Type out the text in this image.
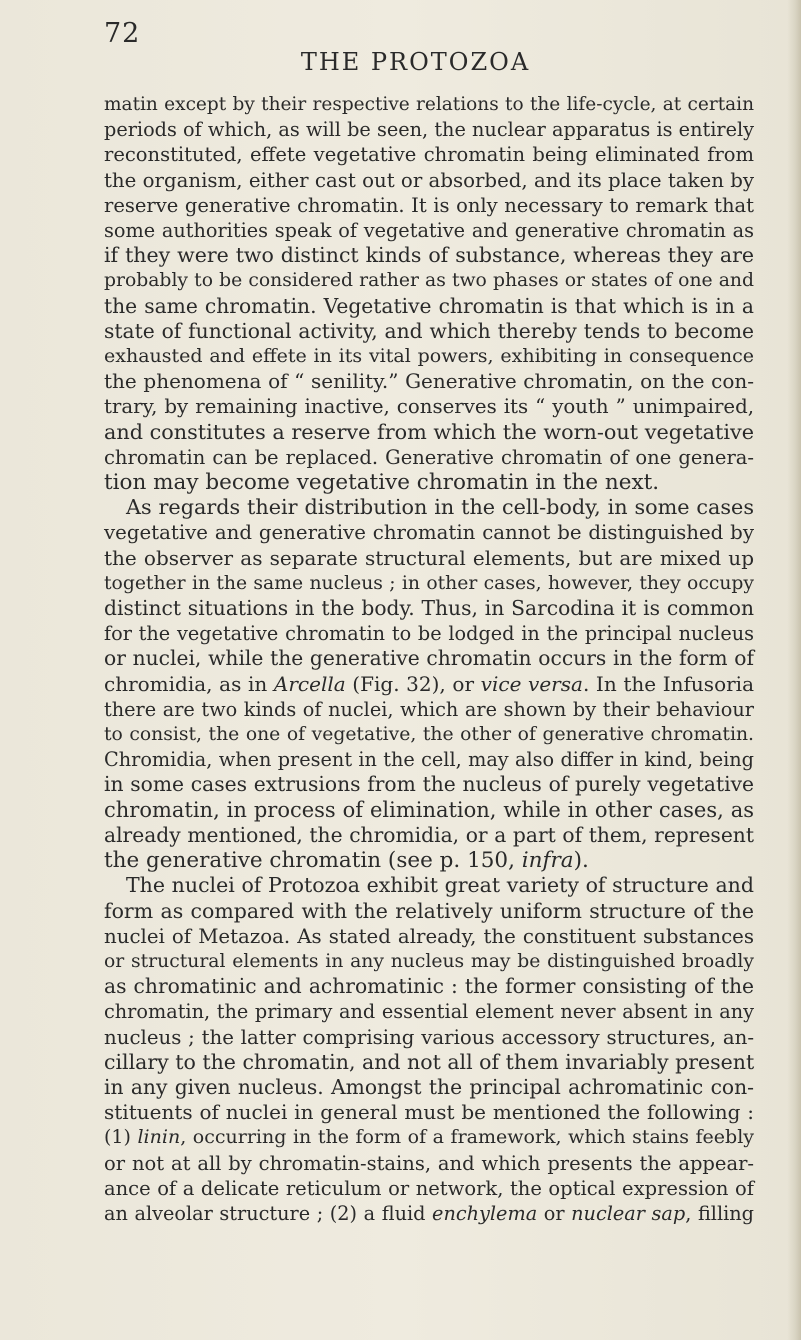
72
THE PROTOZOA

matin except by their respective relations to the life-cycle, at certain
periods of which, as will be seen, the nuclear apparatus is entirely
reconstituted, effete vegetative chromatin being eliminated from
the organism, either cast out or absorbed, and its place taken by
reserve generative chromatin. It is only necessary to remark that
some authorities speak of vegetative and generative chromatin as
if they were two distinct kinds of substance, whereas they are
probably to be considered rather as two phases or states of one and
the same chromatin. Vegetative chromatin is that which is in a
state of functional activity, and which thereby tends to become
exhausted and effete in its vital powers, exhibiting in consequence
the phenomena of “ senility.” Generative chromatin, on the con-
trary, by remaining inactive, conserves its “ youth ” unimpaired,
and constitutes a reserve from which the worn-out vegetative
chromatin can be replaced. Generative chromatin of one genera-
tion may become vegetative chromatin in the next.

As regards their distribution in the cell-body, in some cases
vegetative and generative chromatin cannot be distinguished by
the observer as separate structural elements, but are mixed up
together in the same nucleus ; in other cases, however, they occupy
distinct situations in the body. Thus, in Sarcodina it is common
for the vegetative chromatin to be lodged in the principal nucleus
or nuclei, while the generative chromatin occurs in the form of
chromidia, as in Arcella (Fig. 32), or vice versa. In the Infusoria
there are two kinds of nuclei, which are shown by their behaviour
to consist, the one of vegetative, the other of generative chromatin.
Chromidia, when present in the cell, may also differ in kind, being
in some cases extrusions from the nucleus of purely vegetative
chromatin, in process of elimination, while in other cases, as
already mentioned, the chromidia, or a part of them, represent
the generative chromatin (see p. 150, infra).

The nuclei of Protozoa exhibit great variety of structure and
form as compared with the relatively uniform structure of the
nuclei of Metazoa. As stated already, the constituent substances
or structural elements in any nucleus may be distinguished broadly
as chromatinic and achromatinic : the former consisting of the
chromatin, the primary and essential element never absent in any
nucleus ; the latter comprising various accessory structures, an-
cillary to the chromatin, and not all of them invariably present
in any given nucleus. Amongst the principal achromatinic con-
stituents of nuclei in general must be mentioned the following :
(1) linin, occurring in the form of a framework, which stains feebly
or not at all by chromatin-stains, and which presents the appear-
ance of a delicate reticulum or network, the optical expression of
an alveolar structure ; (2) a fluid enchylema or nuclear sap, filling
